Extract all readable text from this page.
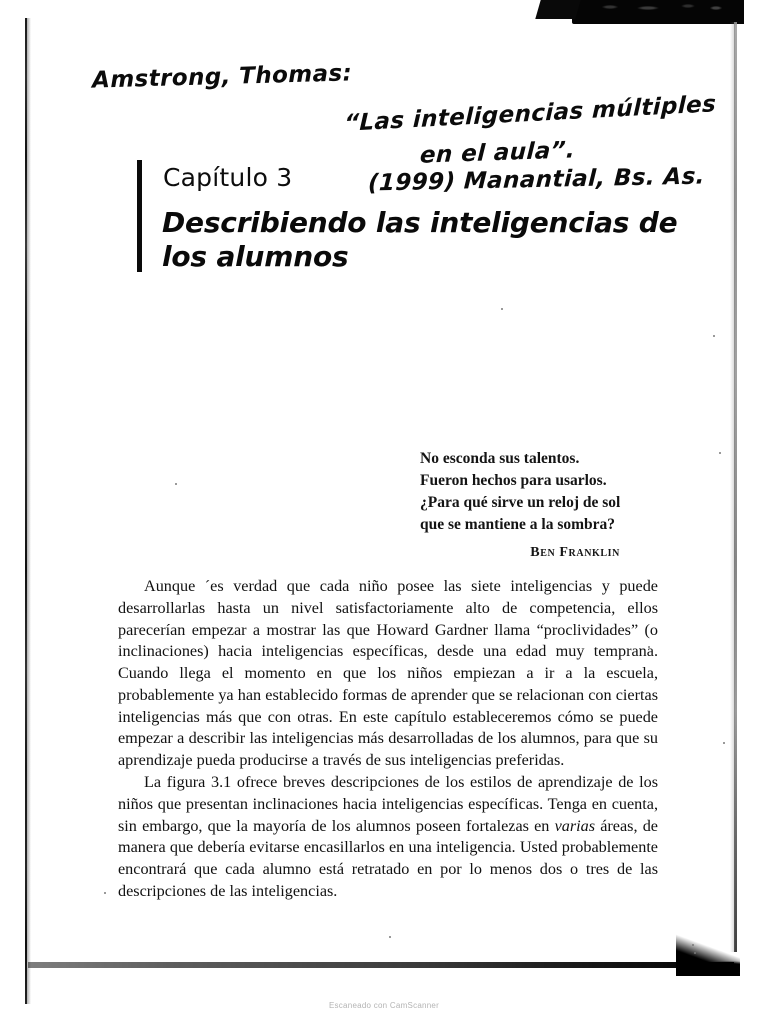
Amstrong, Thomas:
“Las inteligencias múltiples
en el aula”.
(1999) Manantial, Bs. As.
Capítulo 3
Describiendo las inteligencias de los alumnos
No esconda sus talentos.
Fueron hechos para usarlos.
¿Para qué sirve un reloj de sol
que se mantiene a la sombra?
Ben Franklin

Aunque ´es verdad que cada niño posee las siete inteligencias y puede desarrollarlas hasta un nivel satisfactoriamente alto de competencia, ellos parecerían empezar a mostrar las que Howard Gardner llama “proclividades” (o inclinaciones) hacia inteligencias específicas, desde una edad muy temprana. Cuando llega el momento en que los niños empiezan a ir a la escuela, probablemente ya han establecido formas de aprender que se relacionan con ciertas inteligencias más que con otras. En este capítulo estableceremos cómo se puede empezar a describir las inteligencias más desarrolladas de los alumnos, para que su aprendizaje pueda producirse a través de sus inteligencias preferidas.

La figura 3.1 ofrece breves descripciones de los estilos de aprendizaje de los niños que presentan inclinaciones hacia inteligencias específicas. Tenga en cuenta, sin embargo, que la mayoría de los alumnos poseen fortalezas en varias áreas, de manera que debería evitarse encasillarlos en una inteligencia. Usted probablemente encontrará que cada alumno está retratado en por lo menos dos o tres de las descripciones de las inteligencias.

Escaneado con CamScanner
